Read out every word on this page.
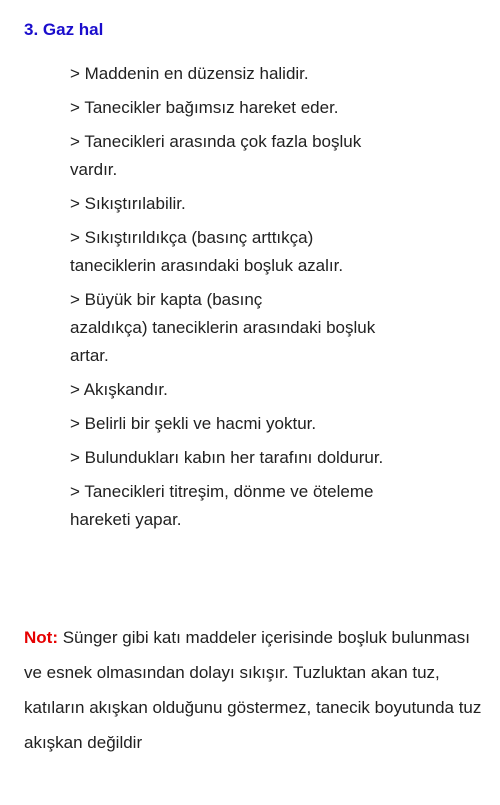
3. Gaz hal
> Maddenin en düzensiz halidir.
> Tanecikler bağımsız hareket eder.
> Tanecikleri arasında çok fazla boşluk
vardır.
> Sıkıştırılabilir.
> Sıkıştırıldıkça (basınç arttıkça)
taneciklerin arasındaki boşluk azalır.
> Büyük bir kapta (basınç
azaldıkça) taneciklerin arasındaki boşluk
artar.
> Akışkandır.
> Belirli bir şekli ve hacmi yoktur.
> Bulundukları kabın her tarafını doldurur.
> Tanecikleri titreşim, dönme ve öteleme
hareketi yapar.

Not: Sünger gibi katı maddeler içerisinde boşluk bulunması ve esnek olmasından dolayı sıkışır. Tuzluktan akan tuz, katıların akışkan olduğunu göstermez, tanecik boyutunda tuz akışkan değildir
